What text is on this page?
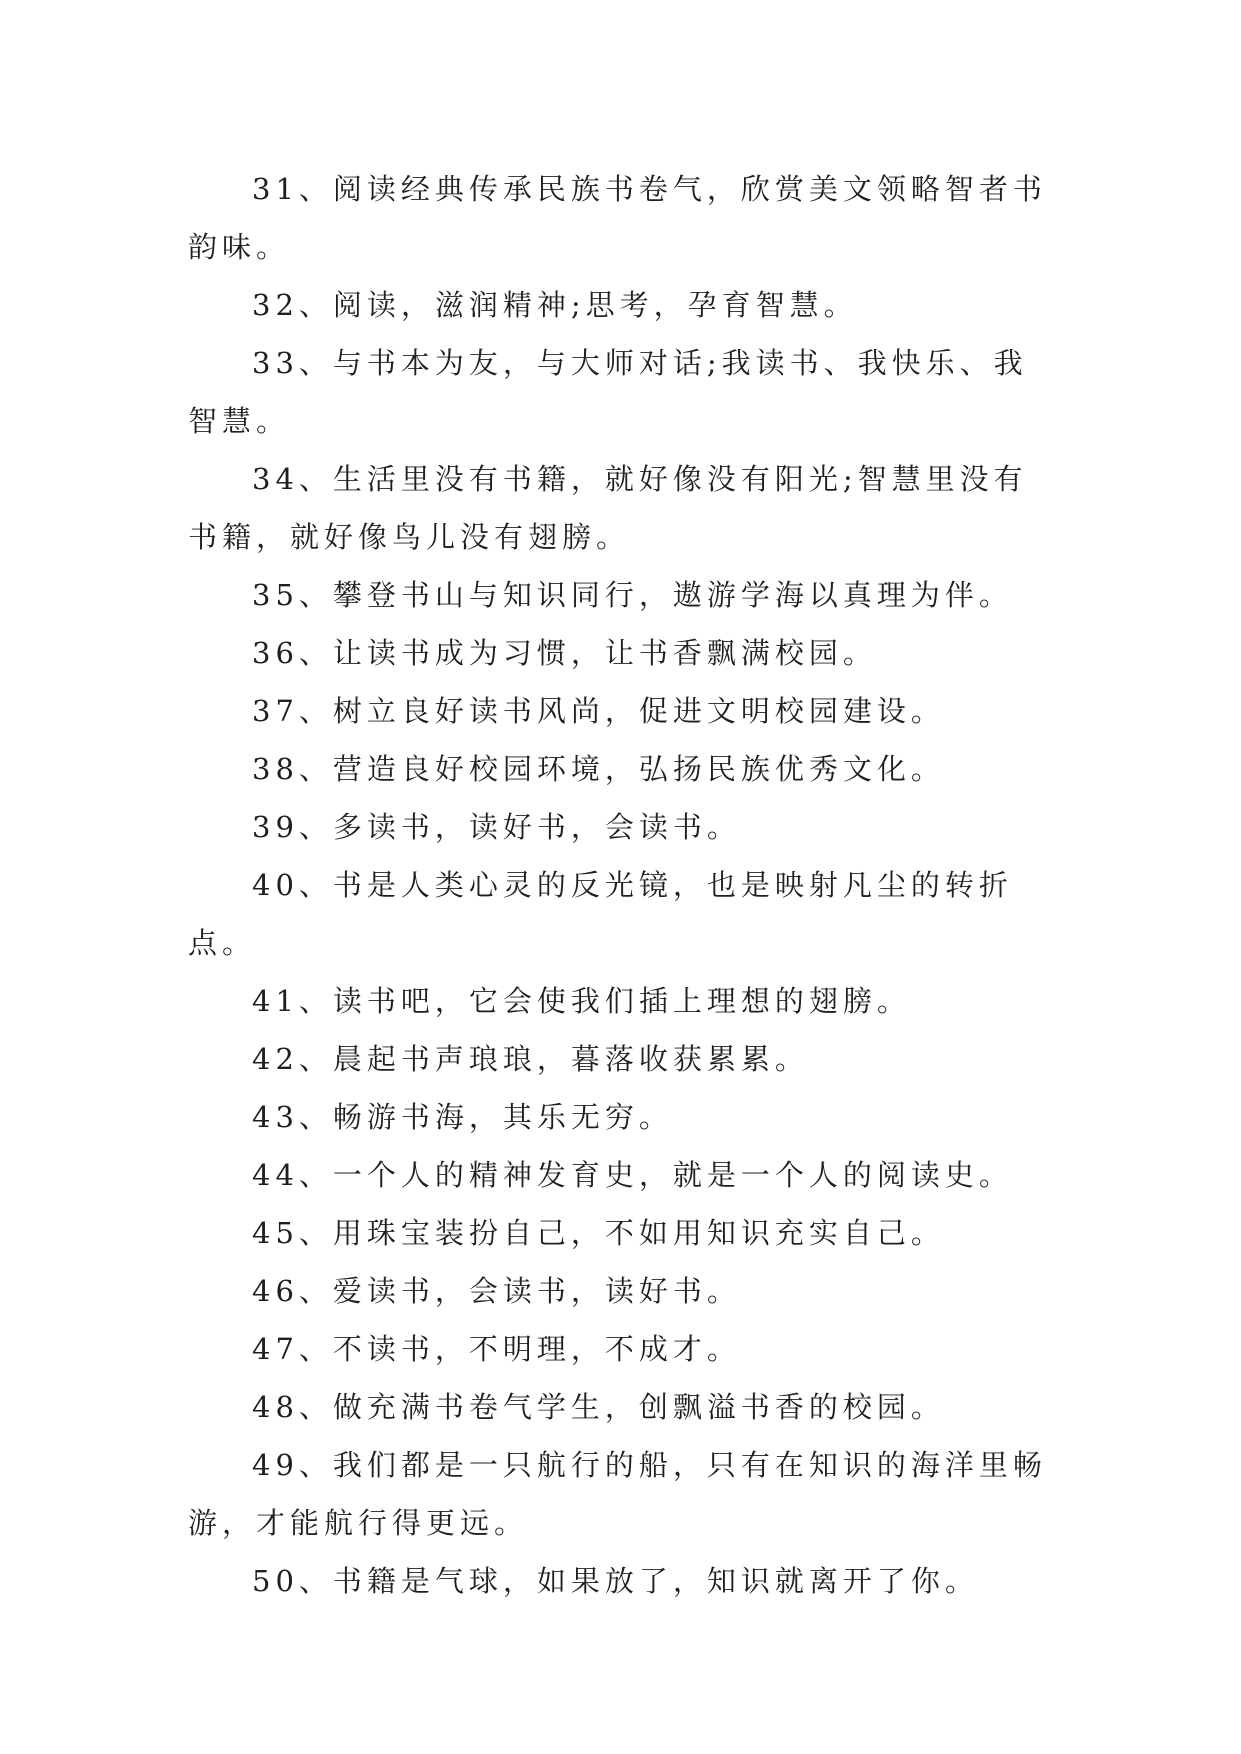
31、阅读经典传承民族书卷气，欣赏美文领略智者书韵味。

32、阅读，滋润精神;思考，孕育智慧。

33、与书本为友，与大师对话;我读书、我快乐、我智慧。

34、生活里没有书籍，就好像没有阳光;智慧里没有书籍，就好像鸟儿没有翅膀。

35、攀登书山与知识同行，遨游学海以真理为伴。

36、让读书成为习惯，让书香飘满校园。

37、树立良好读书风尚，促进文明校园建设。

38、营造良好校园环境，弘扬民族优秀文化。

39、多读书，读好书，会读书。

40、书是人类心灵的反光镜，也是映射凡尘的转折点。

41、读书吧，它会使我们插上理想的翅膀。

42、晨起书声琅琅，暮落收获累累。

43、畅游书海，其乐无穷。

44、一个人的精神发育史，就是一个人的阅读史。

45、用珠宝装扮自己，不如用知识充实自己。

46、爱读书，会读书，读好书。

47、不读书，不明理，不成才。

48、做充满书卷气学生，创飘溢书香的校园。

49、我们都是一只航行的船，只有在知识的海洋里畅游，才能航行得更远。

50、书籍是气球，如果放了，知识就离开了你。
